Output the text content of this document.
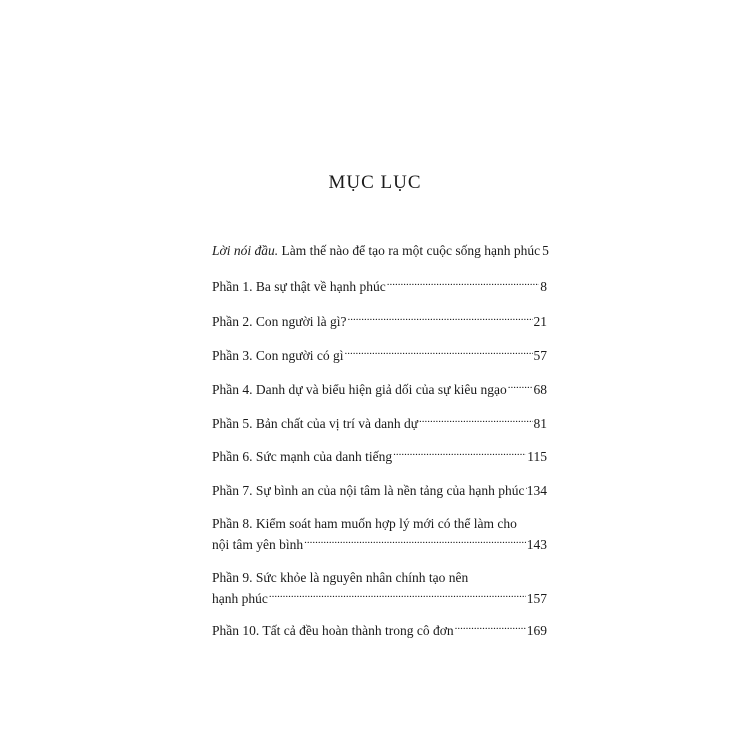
MỤC LỤC
Lời nói đầu. Làm thế nào để tạo ra một cuộc sống hạnh phúc 5
Phần 1. Ba sự thật về hạnh phúc .....	8
Phần 2. Con người là gì? .....	21
Phần 3. Con người có gì .....	57
Phần 4. Danh dự và biểu hiện giả dối của sự kiêu ngạo ..... 68
Phần 5. Bản chất của vị trí và danh dự .....	81
Phần 6. Sức mạnh của danh tiếng .....	115
Phần 7. Sự bình an của nội tâm là nền tảng của hạnh phúc ..... 134
Phần 8. Kiểm soát ham muốn hợp lý mới có thể làm cho
nội tâm yên bình .....	143
Phần 9. Sức khỏe là nguyên nhân chính tạo nên
hạnh phúc .....	157
Phần 10. Tất cả đều hoàn thành trong cô đơn .....	169
